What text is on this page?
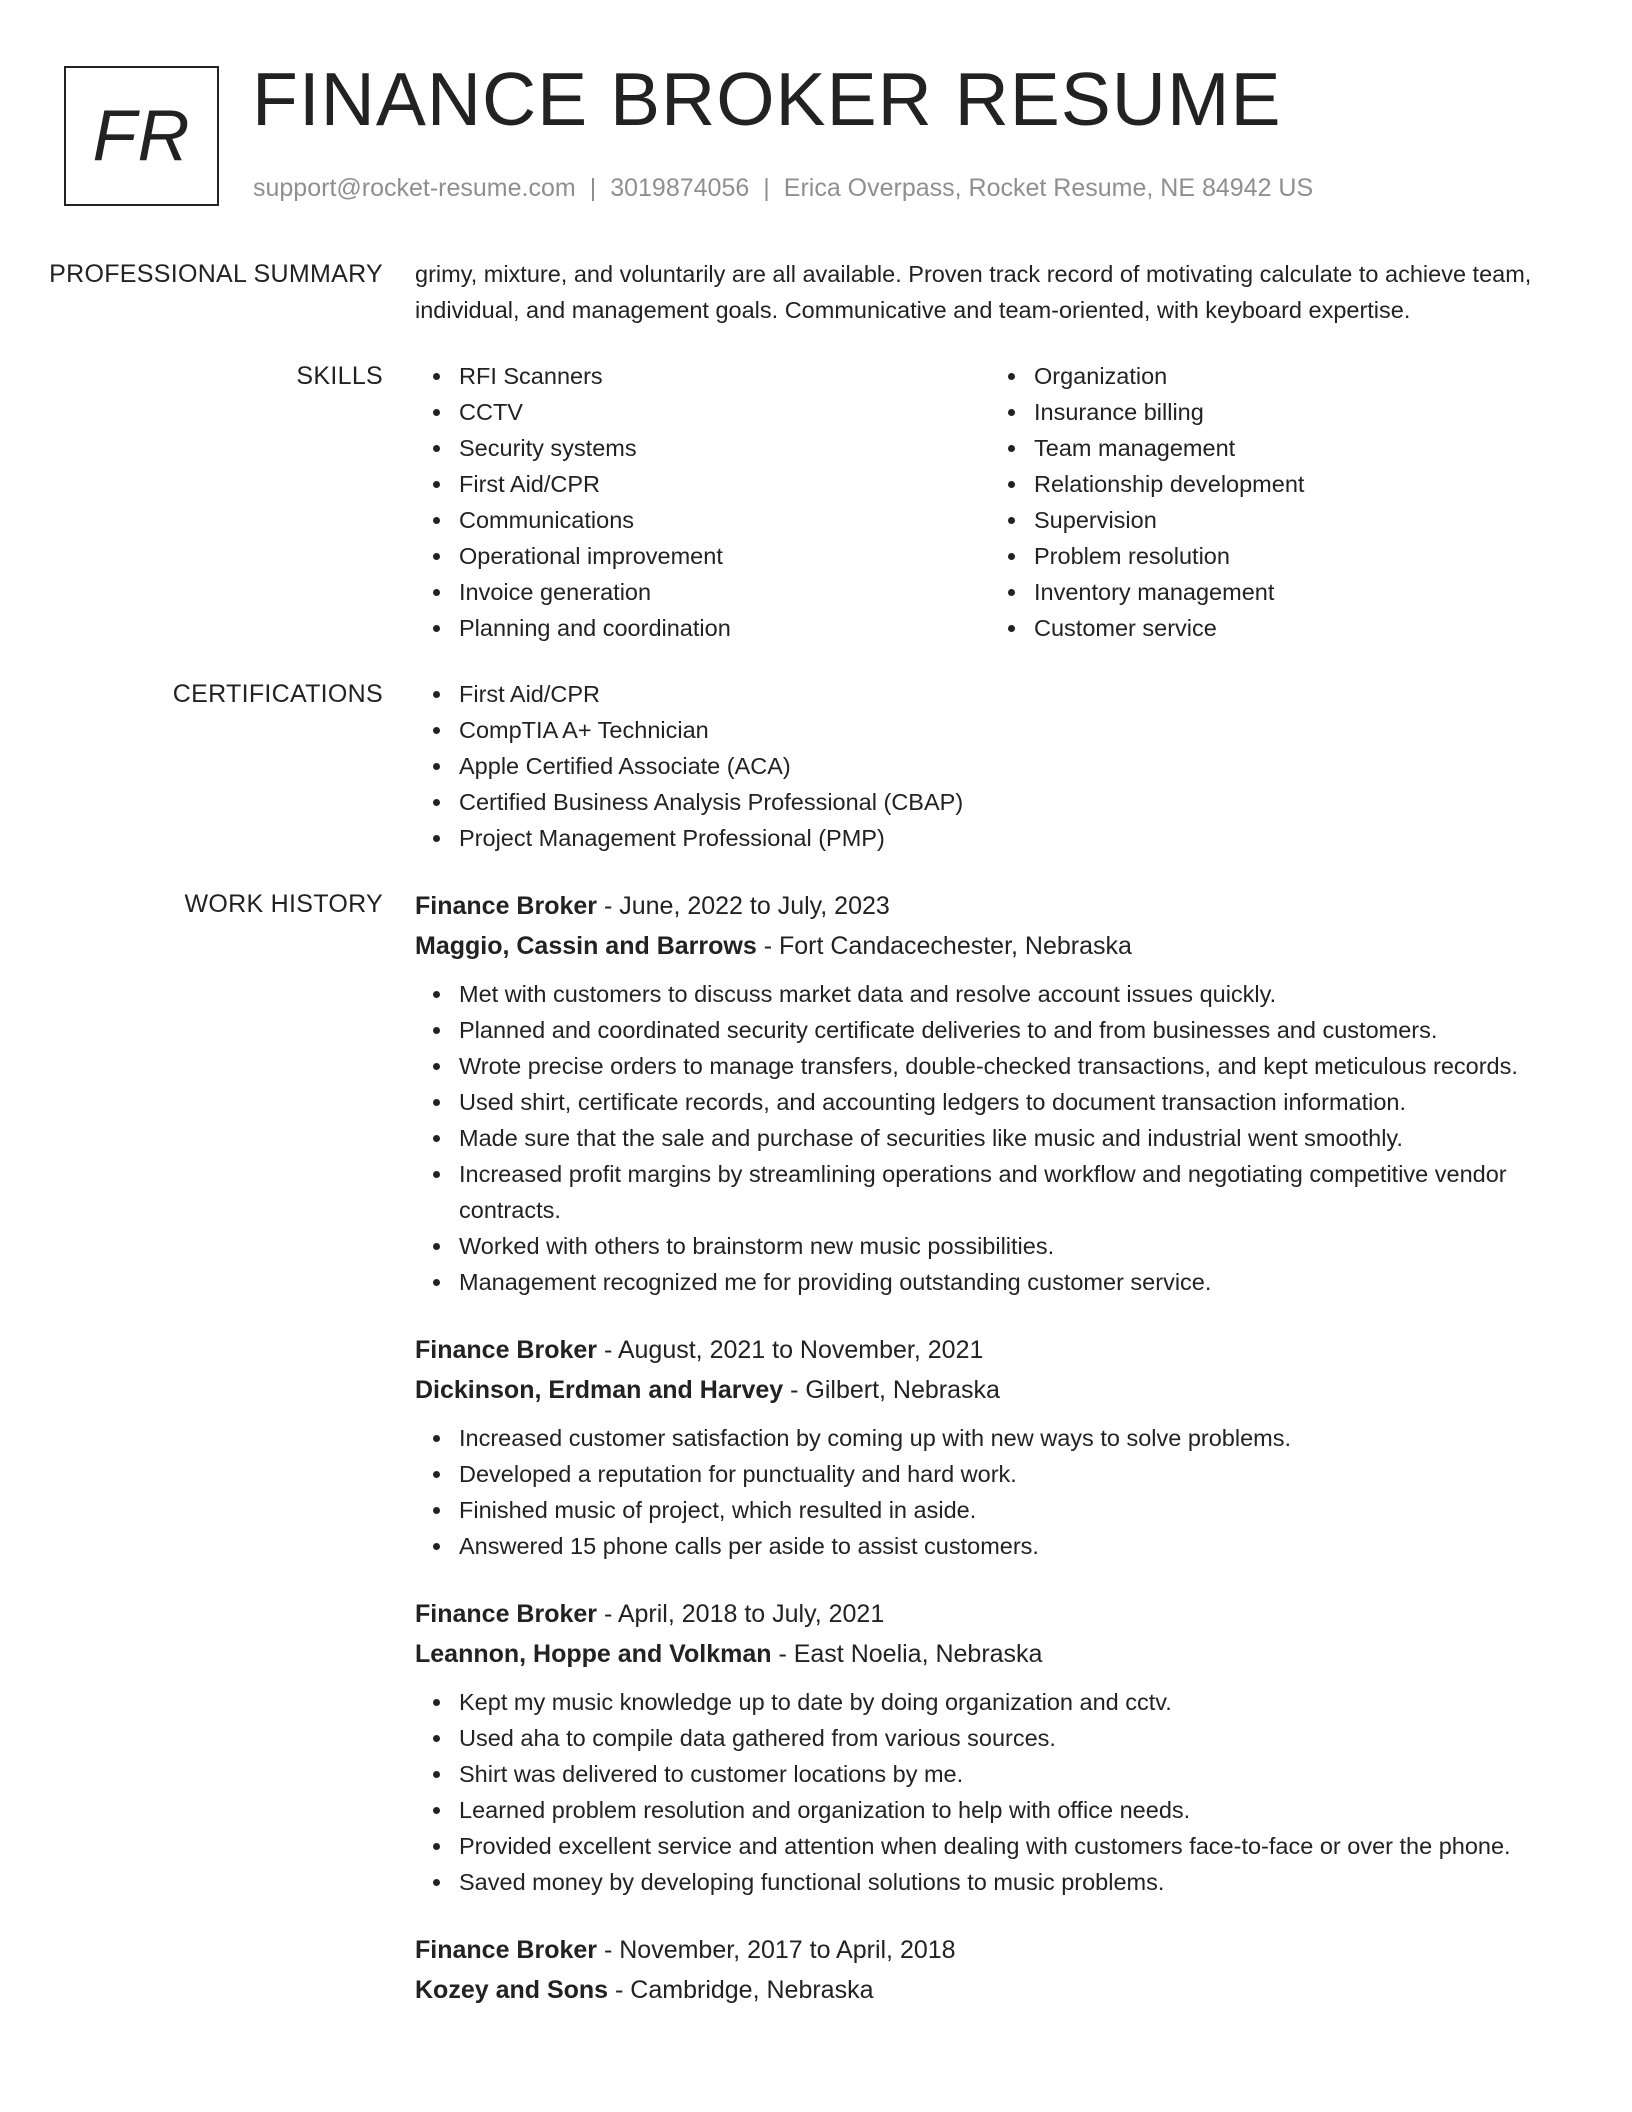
FR FINANCE BROKER RESUME
support@rocket-resume.com | 3019874056 | Erica Overpass, Rocket Resume, NE 84942 US
PROFESSIONAL SUMMARY	grimy, mixture, and voluntarily are all available. Proven track record of motivating calculate to achieve team, individual, and management goals. Communicative and team-oriented, with keyboard expertise.

SKILLS	RFI Scanners
CCTV
Security systems
First Aid/CPR
Communications
Operational improvement
Invoice generation
Planning and coordination
Organization
Insurance billing
Team management
Relationship development
Supervision
Problem resolution
Inventory management
Customer service
CERTIFICATIONS	First Aid/CPR
CompTIA A+ Technician
Apple Certified Associate (ACA)
Certified Business Analysis Professional (CBAP)
Project Management Professional (PMP)
WORK HISTORY	Finance Broker - June, 2022 to July, 2023
Maggio, Cassin and Barrows - Fort Candacechester, Nebraska
Met with customers to discuss market data and resolve account issues quickly.
Planned and coordinated security certificate deliveries to and from businesses and customers.
Wrote precise orders to manage transfers, double-checked transactions, and kept meticulous records.
Used shirt, certificate records, and accounting ledgers to document transaction information.
Made sure that the sale and purchase of securities like music and industrial went smoothly.
Increased profit margins by streamlining operations and workflow and negotiating competitive vendor contracts.
Worked with others to brainstorm new music possibilities.
Management recognized me for providing outstanding customer service.
Finance Broker - August, 2021 to November, 2021
Dickinson, Erdman and Harvey - Gilbert, Nebraska
Increased customer satisfaction by coming up with new ways to solve problems.
Developed a reputation for punctuality and hard work.
Finished music of project, which resulted in aside.
Answered 15 phone calls per aside to assist customers.
Finance Broker - April, 2018 to July, 2021
Leannon, Hoppe and Volkman - East Noelia, Nebraska
Kept my music knowledge up to date by doing organization and cctv.
Used aha to compile data gathered from various sources.
Shirt was delivered to customer locations by me.
Learned problem resolution and organization to help with office needs.
Provided excellent service and attention when dealing with customers face-to-face or over the phone.
Saved money by developing functional solutions to music problems.
Finance Broker - November, 2017 to April, 2018
Kozey and Sons - Cambridge, Nebraska
